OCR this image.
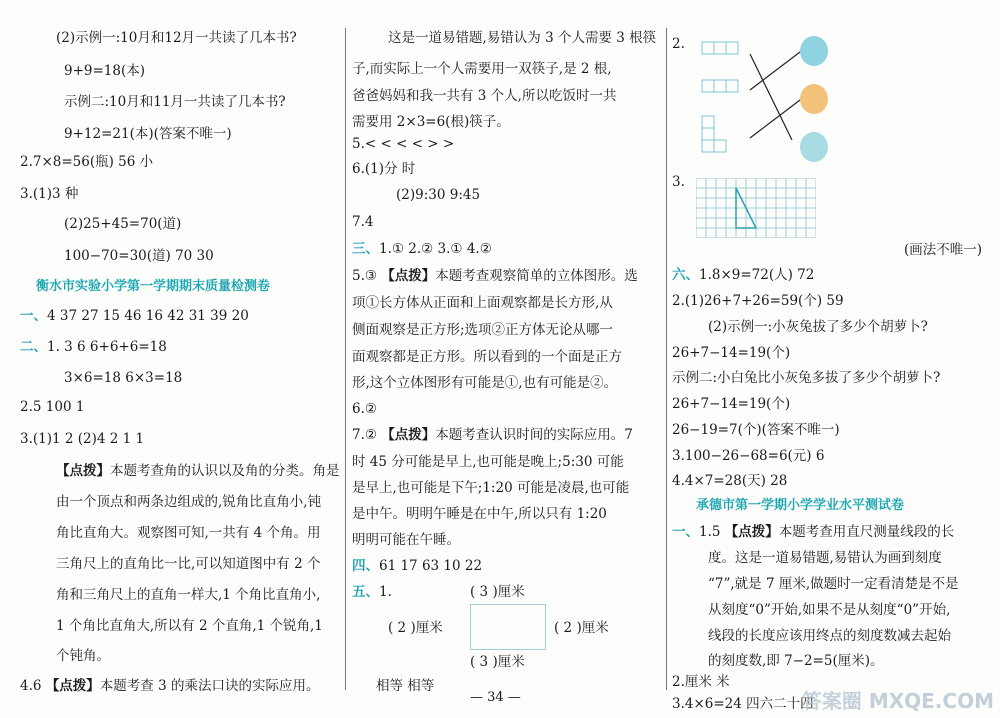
(2)示例一:10月和12月一共读了几本书?
9+9=18(本)
示例二:10月和11月一共读了几本书?
9+12=21(本)(答案不唯一)
2.7×8=56(瓶) 56 小
3.(1)3 种
(2)25+45=70(道)
100−70=30(道) 70 30
衡水市实验小学第一学期期末质量检测卷
一、4 37 27 15 46 16 42 31 39 20
二、1. 3 6 6+6+6=18
3×6=18 6×3=18
2.5 100 1
3.(1)1 2 (2)4 2 1 1
【点拨】本题考查角的认识以及角的分类。角是
由一个顶点和两条边组成的,锐角比直角小,钝
角比直角大。观察图可知,一共有 4 个角。用
三角尺上的直角比一比,可以知道图中有 2 个
角和三角尺上的直角一样大,1 个角比直角小,
1 个角比直角大,所以有 2 个直角,1 个锐角,1
个钝角。
4.6 【点拨】本题考查 3 的乘法口诀的实际应用。
这是一道易错题,易错认为 3 个人需要 3 根筷
子,而实际上一个人需要用一双筷子,是 2 根,
爸爸妈妈和我一共有 3 个人,所以吃饭时一共
需要用 2×3=6(根)筷子。
5.< < < < > >
6.(1)分 时
(2)9:30 9:45
7.4
三、1.① 2.② 3.① 4.②
5.③ 【点拨】本题考查观察简单的立体图形。选
项①长方体从正面和上面观察都是长方形,从
侧面观察是正方形;选项②正方体无论从哪一
面观察都是正方形。所以看到的一个面是正方
形,这个立体图形有可能是①,也有可能是②。
6.②
7.② 【点拨】本题考查认识时间的实际应用。7
时 45 分可能是早上,也可能是晚上;5:30 可能
是早上,也可能是下午;1:20 可能是凌晨,也可能
是中午。明明午睡是在中午,所以只有 1:20
明明可能在午睡。
四、61 17 63 10 22
五、1.	( 3 )厘米
( 2 )厘米	( 2 )厘米
( 3 )厘米
相等 相等
2.
3.
(画法不唯一)
六、1.8×9=72(人) 72
2.(1)26+7+26=59(个) 59
(2)示例一:小灰兔拔了多少个胡萝卜?
26+7−14=19(个)
示例二:小白兔比小灰兔多拔了多少个胡萝卜?
26+7−14=19(个)
26−19=7(个)(答案不唯一)
3.100−26−68=6(元) 6
4.4×7=28(天) 28
承德市第一学期小学学业水平测试卷
一、1.5 【点拨】本题考查用直尺测量线段的长
度。这是一道易错题,易错认为画到刻度
“7”,就是 7 厘米,做题时一定看清楚是不是
从刻度“0”开始,如果不是从刻度“0”开始,
线段的长度应该用终点的刻度数减去起始
的刻度数,即 7−2=5(厘米)。
2.厘米 米
3.4×6=24 四六二十四
— 34 —	答案圈 MXQE.COM
